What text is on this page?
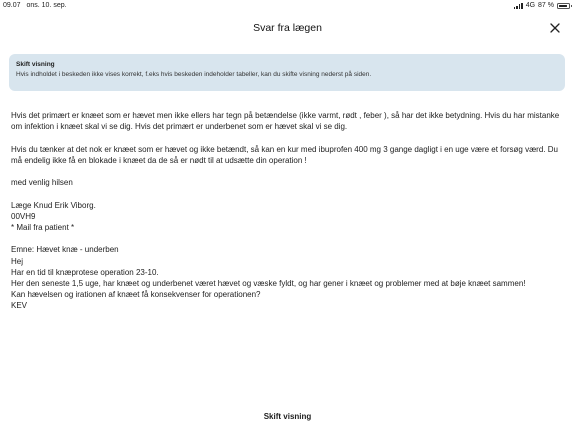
09.07 ons. 10. sep.	4G 87 %
Svar fra lægen
Skift visning
Hvis indholdet i beskeden ikke vises korrekt, f.eks hvis beskeden indeholder tabeller, kan du skifte visning nederst på siden.

Hvis det primært er knæet som er hævet men ikke ellers har tegn på betændelse (ikke varmt, rødt , feber ), så har det ikke betydning. Hvis du har mistanke om infektion i knæet skal vi se dig. Hvis det primært er underbenet som er hævet skal vi se dig.

Hvis du tænker at det nok er knæet som er hævet og ikke betændt, så kan en kur med ibuprofen 400 mg 3 gange dagligt i en uge være et forsøg værd. Du må endelig ikke få en blokade i knæet da de så er nødt til at udsætte din operation !

med venlig hilsen

Læge Knud Erik Viborg.

00VH9

* Mail fra patient *

Emne: Hævet knæ - underben

Hej

Har en tid til knæprotese operation 23-10.

Her den seneste 1,5 uge, har knæet og underbenet været hævet og væske fyldt, og har gener i knæet og problemer med at bøje knæet sammen!

Kan hævelsen og irationen af knæet få konsekvenser for operationen?

KEV

Skift visning
